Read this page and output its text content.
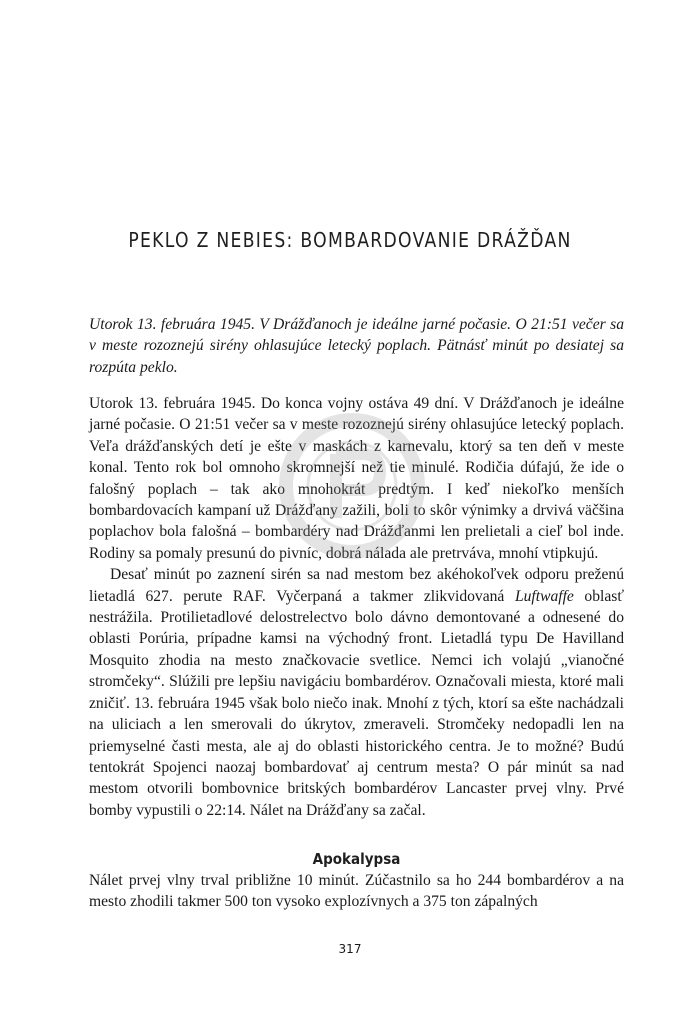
PEKLO Z NEBIES: BOMBARDOVANIE DRÁŽĎAN

Utorok 13. februára 1945. V Drážďanoch je ideálne jarné počasie. O 21:51 večer sa v meste rozoznejú sirény ohlasujúce letecký poplach. Pätnásť minút po desiatej sa rozpúta peklo.

Utorok 13. februára 1945. Do konca vojny ostáva 49 dní. V Drážďanoch je ideálne jarné počasie. O 21:51 večer sa v meste rozoznejú sirény ohlasujúce letecký poplach. Veľa drážďanských detí je ešte v maskách z karnevalu, ktorý sa ten deň v meste konal. Tento rok bol omnoho skromnejší než tie minulé. Rodičia dúfajú, že ide o falošný poplach – tak ako mnohokrát predtým. I keď niekoľko menších bombardovacích kampaní už Drážďany zažili, boli to skôr výnimky a drvivá väčšina poplachov bola falošná – bombardéry nad Drážďanmi len prelietali a cieľ bol inde. Rodiny sa pomaly presunú do pivníc, dobrá nálada ale pretrváva, mnohí vtipkujú.

Desať minút po zaznení sirén sa nad mestom bez akéhokoľvek odporu preženú lietadlá 627. perute RAF. Vyčerpaná a takmer zlikvidovaná Luftwaffe oblasť nestrážila. Protilietadlové delostrelectvo bolo dávno demontované a odnesené do oblasti Porúria, prípadne kamsi na východný front. Lietadlá typu De Havilland Mosquito zhodia na mesto značkovacie svetlice. Nemci ich volajú „vianočné stromčeky“. Slúžili pre lepšiu navigáciu bombardérov. Označovali miesta, ktoré mali zničiť. 13. februára 1945 však bolo niečo inak. Mnohí z tých, ktorí sa ešte nachádzali na uliciach a len smerovali do úkrytov, zmeraveli. Stromčeky nedopadli len na priemyselné časti mesta, ale aj do oblasti historického centra. Je to možné? Budú tentokrát Spojenci naozaj bombardovať aj centrum mesta? O pár minút sa nad mestom otvorili bombovnice britských bombardérov Lancaster prvej vlny. Prvé bomby vypustili o 22:14. Nálet na Drážďany sa začal.

Apokalypsa

Nálet prvej vlny trval približne 10 minút. Zúčastnilo sa ho 244 bombardérov a na mesto zhodili takmer 500 ton vysoko explozívnych a 375 ton zápalných

317
